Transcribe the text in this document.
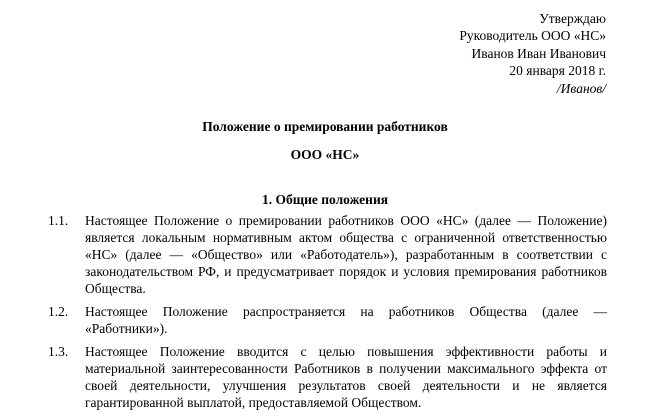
Утверждаю
Руководитель ООО «НС»
Иванов Иван Иванович
20 января 2018 г.
/Иванов/
Положение о премировании работников
ООО «НС»
1. Общие положения
1.1.	Настоящее Положение о премировании работников ООО «НС» (далее — Положение) является локальным нормативным актом общества с ограниченной ответственностью «НС» (далее — «Общество» или «Работодатель»), разработанным в соответствии с законодательством РФ, и предусматривает порядок и условия премирования работников Общества.
1.2.	Настоящее Положение распространяется на работников Общества (далее — «Работники»).
1.3.	Настоящее Положение вводится с целью повышения эффективности работы и материальной заинтересованности Работников в получении максимального эффекта от своей деятельности, улучшения результатов своей деятельности и не является гарантированной выплатой, предоставляемой Обществом.
